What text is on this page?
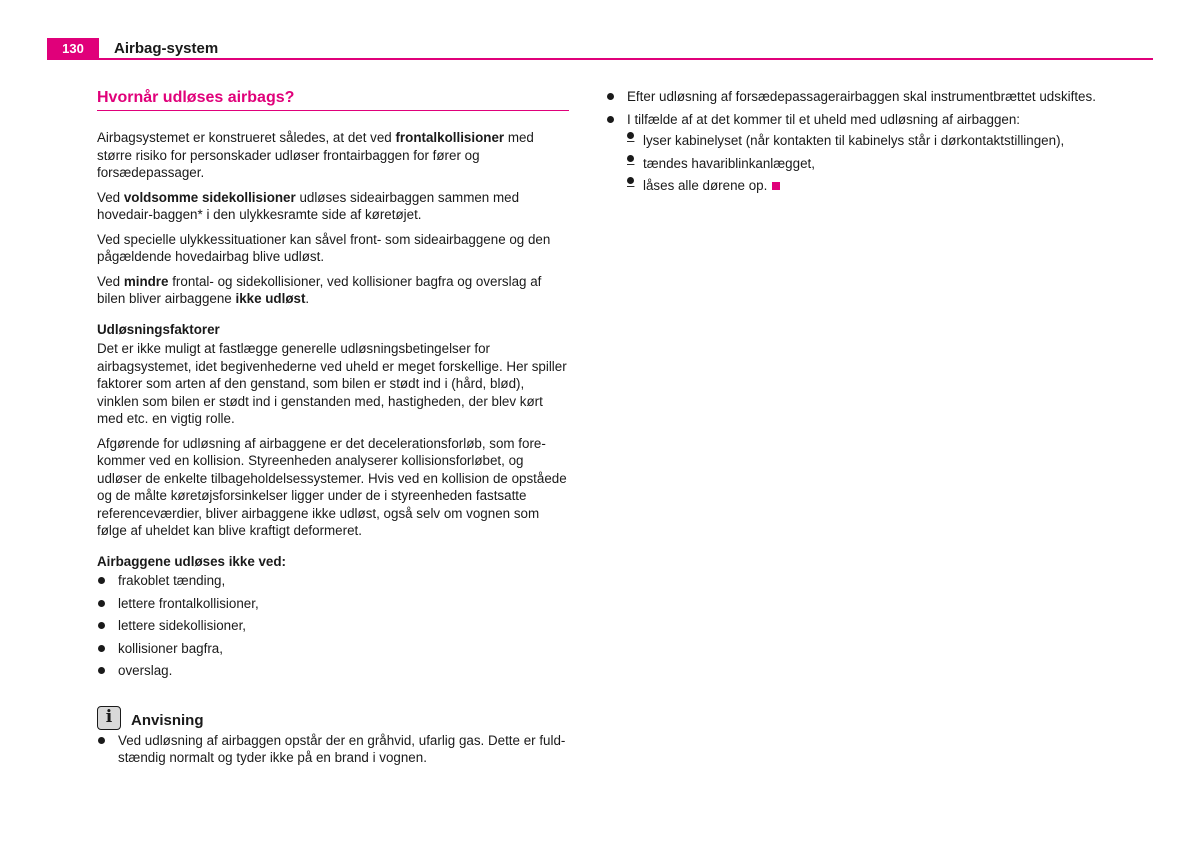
130	Airbag-system
Hvornår udløses airbags?

Airbagsystemet er konstrueret således, at det ved frontalkollisioner med større risiko for personskader udløser frontairbaggen for fører og forsædepassager.

Ved voldsomme sidekollisioner udløses sideairbaggen sammen med hovedair-baggen* i den ulykkesramte side af køretøjet.

Ved specielle ulykkessituationer kan såvel front- som sideairbaggene og den pågældende hovedairbag blive udløst.

Ved mindre frontal- og sidekollisioner, ved kollisioner bagfra og overslag af bilen bliver airbaggene ikke udløst.

Udløsningsfaktorer

Det er ikke muligt at fastlægge generelle udløsningsbetingelser for airbagsystemet, idet begivenhederne ved uheld er meget forskellige. Her spiller faktorer som arten af den genstand, som bilen er stødt ind i (hård, blød), vinklen som bilen er stødt ind i genstanden med, hastigheden, der blev kørt med etc. en vigtig rolle.

Afgørende for udløsning af airbaggene er det decelerationsforløb, som fore-kommer ved en kollision. Styreenheden analyserer kollisionsforløbet, og udløser de enkelte tilbageholdelsessystemer. Hvis ved en kollision de opståede og de målte køretøjsforsinkelser ligger under de i styreenheden fastsatte referenceværdier, bliver airbaggene ikke udløst, også selv om vognen som følge af uheldet kan blive kraftigt deformeret.

Airbaggene udløses ikke ved:
frakoblet tænding,
lettere frontalkollisioner,
lettere sidekollisioner,
kollisioner bagfra,
overslag.
i	Anvisning
Ved udløsning af airbaggen opstår der en gråhvid, ufarlig gas. Dette er fuld-stændig normalt og tyder ikke på en brand i vognen.
Efter udløsning af forsædepassagerairbaggen skal instrumentbrættet udskiftes.
I tilfælde af at det kommer til et uheld med udløsning af airbaggen:
– lyser kabinelyset (når kontakten til kabinelys står i dørkontaktstillingen),
– tændes havariblinkanlægget,
– låses alle dørene op.
